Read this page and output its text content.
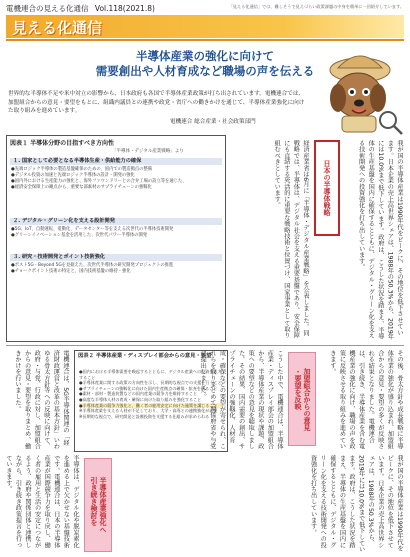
電機連合の見える化通信 Vol.118(2021.8)	「見える化通信」では、難しそうで見えづらい政策課題の中身を簡単に一回紹介しています。
見える化通信
半導体産業の強化に向けて
需要創出や人材育成など職場の声を伝える
世界的な半導体不足や米中対立の影響から、日本政府も各国で半導体産業政策が打ち出されています。電機連合では、加盟組合からの意見・要望をもとに、組織内議員との連携や政党・省庁への働きかけを通じて、半導体産業強化に向けた取り組みを進めています。
電機連合 総合産業・社会政策部門
図表１ 半導体分野の目指すべき方向性
「半導体・デジタル産業戦略」より
１. 国家として必要となる半導体生産・供給能力の確保
●先端ロジック半導体の製造基盤確保のための、国内での製造拠点の整備
●デジタル投資の加速と先端ロジック半導体の設計・開発の強化
●国内外における生産能力の強化と、海外ファウンドリーとの合弁工場の設立等を通じた、
●経済安全保障上の観点から、重要な部素材のサプライチェーンの強靱化
２. デジタル・グリーン化を支える設計開発
●5G、IoT、自動運転、電動化、データセンター等を支える次世代の半導体技術開発
●グリーンイノベーション基金を活用した、次世代パワー半導体の開発
３. 研究・技術開発とポイント技術強化
●ポスト5G・Beyond 5Gを見据えた、次世代半導体の研究開発プロジェクトの推進
●チョークポイント技術の特定と、国内技術基盤の維持・強化	経済産業省は6月に「半導体・デジタル産業戦略」を公表しました。同戦略では、半導体は、デジタル社会を支える重要基盤であり、安全保障にも直結する死活的に重要な戦略技術と位置づけ、国家事業として取り組むべきとしています。	日本の半導体戦略	我が国の半導体産業は1990年代をピークに、その地位を低下させています。日本企業の売上高世界シェアは、1988年の50.3%から、2019年には10.0%まで低下しています。政府は、こうした状況を踏まえ、半導体の生産基盤を国内に確保するとともに、デジタル・グリーン化を支える技術開発への投資強化を打ち出しています。
電機連合は、5G半導体関連の「経済財政運営と改革の基本方針」いわゆる骨太方針等への反映に向けて、政府・与党、行政に対し、加盟組合からの意見・要望を取りまとめ、働きかけを行いました。	図表２ 半導体産業・ディスプレイ部会からの意見・要望
●国内における半導体需要を喚起するとともに、デジタル産業への投資を拡大すること
●半導体産業に関する政策の方向性を示し、長期的な視点での支援を行うこと
●サプライチェーンの強靱化に向けた国内生産拠点の確保・拡充を図ること
●素材・部材・製造装置などの国内産業の競争力を維持すること
●高度な半導体人材の育成・確保に向けた取り組みを強化すること
●半導体産業の競争力強化と、働く者の雇用安定に向けた施策を講じること
※半導体産業を支える人材が不足しており、大学・高専との連携強化が必要
※長期的な視点で、研究開発と設備投資を支援する仕組みが求められる	こうした中で、電機連合は、半導体産業・ディスプレイ部会の加盟組合から、半導体産業の現状や課題、政策への要望などの意見を聴取しました。その結果、国内需要の創出、サプライチェーンの強靱化、人材育成・確保などの要望が寄せられ、これらを取りまとめて関係府省や与党に提出しました。	加盟組合からの意見
・要望を反映	その後、骨太方針や成長戦略に半導体産業の強化が盛り込まれ、加盟組合からの意見・要望の多くが反映される結果となりました。電機連合は、引き続き、半導体産業を含む電機産業の強化に向け、職場の声を政策に反映させる取り組みを進めていきます。
半導体は、デジタル化や脱炭素化を進める上で欠かせない基盤技術です。電機連合は、日本の半導体産業が国際競争力を取り戻し、働く者の雇用と生活の安定につながるよう、政府や関係団体と連携しながら、引き続き政策提言を行っていきます。
半導体産業強化へ
引き続き検討を	我が国の半導体産業は1990年代をピークに、その地位を低下させています。日本企業の売上高世界シェアは、1988年の50.3%から、2019年には10.0%まで低下しています。政府は、こうした状況を踏まえ、半導体の生産基盤を国内に確保するとともに、デジタル・グリーン化を支える技術開発への投資強化を打ち出しています。
